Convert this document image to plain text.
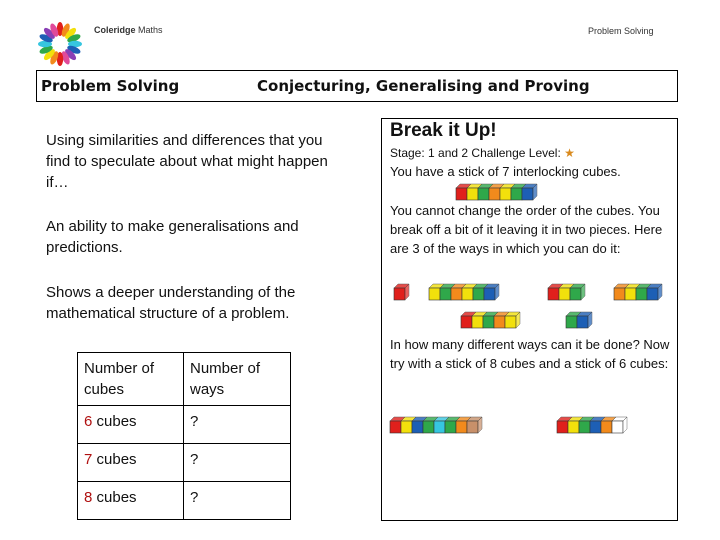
Coleridge Maths	Problem Solving
Problem Solving	Conjecturing, Generalising and Proving
Using similarities and differences that you find to speculate about what might happen if…
An ability to make generalisations and predictions.
Shows a deeper understanding of the mathematical structure of a problem.
Number of cubes	Number of ways
6 cubes	?
7 cubes	?
8 cubes	?
Break it Up!
Stage: 1 and 2 Challenge Level: ★
You have a stick of 7 interlocking cubes.
You cannot change the order of the cubes. You break off a bit of it leaving it in two pieces. Here are 3 of the ways in which you can do it:
In how many different ways can it be done? Now try with a stick of 8 cubes and a stick of 6 cubes:
